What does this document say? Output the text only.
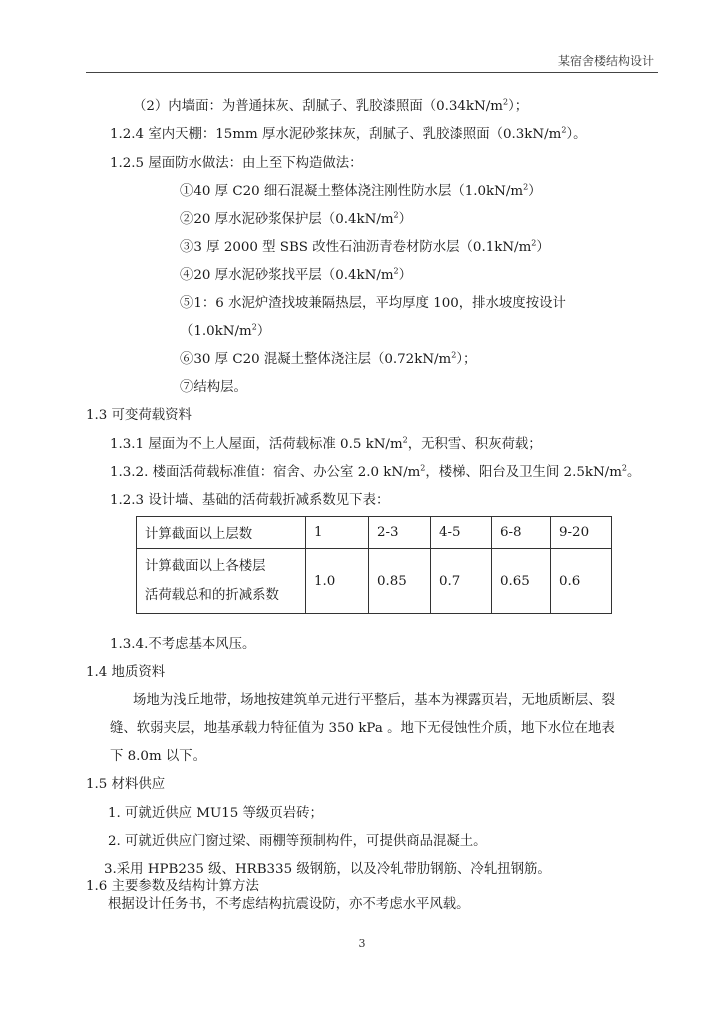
某宿舍楼结构设计
（2）内墙面：为普通抹灰、刮腻子、乳胶漆照面$(0.34kN/m^2)$；
1.2.4 室内天棚：15mm 厚水泥砂浆抹灰，刮腻子、乳胶漆照面$(0.3kN/m^2)$。
1.2.5 屋面防水做法：由上至下构造做法：
①40 厚 C20 细石混凝土整体浇注刚性防水层$(1.0kN/m^2)$
②20 厚水泥砂浆保护层$(0.4kN/m^2)$
③3 厚 2000 型 SBS 改性石油沥青卷材防水层$(0.1kN/m^2)$
④20 厚水泥砂浆找平层$(0.4kN/m^2)$
⑤1：6 水泥炉渣找坡兼隔热层，平均厚度 100，排水坡度按设计
$(1.0kN/m^2)$
⑥30 厚 C20 混凝土整体浇注层$(0.72kN/m^2)$；
⑦结构层。
1.3 可变荷载资料
1.3.1 屋面为不上人屋面，活荷载标准 0.5 $kN/m^2$，无积雪、积灰荷载；
1.3.2. 楼面活荷载标准值：宿舍、办公室 2.0 $kN/m^2$，楼梯、阳台及卫生间 $2.5kN/m^2$。
1.2.3 设计墙、基础的活荷载折减系数见下表：
计算截面以上层数	1	2-3	4-5	6-8	9-20
计算截面以上各楼层
活荷载总和的折减系数	1.0	0.85	0.7	0.65	0.6
1.3.4.不考虑基本风压。
1.4 地质资料
场地为浅丘地带，场地按建筑单元进行平整后，基本为裸露页岩，无地质断层、裂
缝、软弱夹层，地基承载力特征值为 350 kPa 。地下无侵蚀性介质，地下水位在地表
下 8.0m 以下。
1.5 材料供应
1. 可就近供应 MU15 等级页岩砖；
2. 可就近供应门窗过梁、雨棚等预制构件，可提供商品混凝土。
3.采用 HPB235 级、HRB335 级钢筋，以及冷轧带肋钢筋、冷轧扭钢筋。
1.6 主要参数及结构计算方法
根据设计任务书，不考虑结构抗震设防，亦不考虑水平风载。
3
